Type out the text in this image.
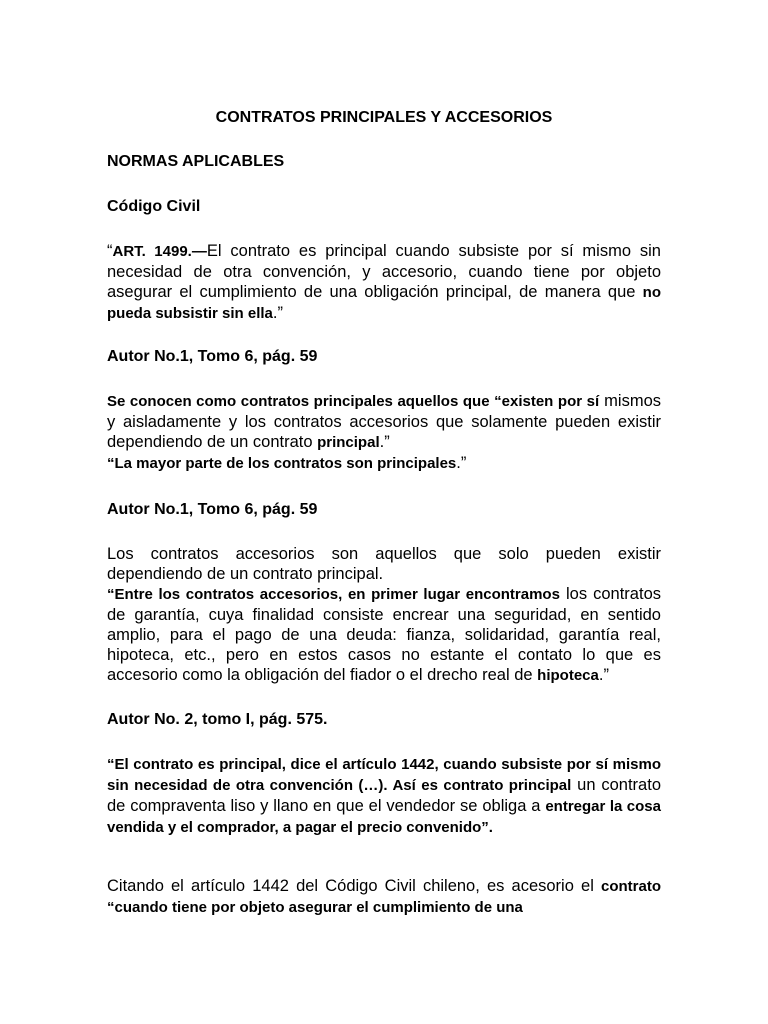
CONTRATOS PRINCIPALES Y ACCESORIOS

NORMAS APLICABLES

Código Civil

“ART. 1499.—El contrato es principal cuando subsiste por sí mismo sin necesidad de otra convención, y accesorio, cuando tiene por objeto asegurar el cumplimiento de una obligación principal, de manera que no pueda subsistir sin ella.”

Autor No.1, Tomo 6, pág. 59

Se conocen como contratos principales aquellos que “existen por sí mismos y aisladamente y los contratos accesorios que solamente pueden existir dependiendo de un contrato principal.”
“La mayor parte de los contratos son principales.”

Autor No.1, Tomo 6, pág. 59

Los contratos accesorios son aquellos que solo pueden existir dependiendo de un contrato principal.
“Entre los contratos accesorios, en primer lugar encontramos los contratos de garantía, cuya finalidad consiste encrear una seguridad, en sentido amplio, para el pago de una deuda: fianza, solidaridad, garantía real, hipoteca, etc., pero en estos casos no estante el contato lo que es accesorio como la obligación del fiador o el drecho real de hipoteca.”

Autor No. 2, tomo I, pág. 575.

“El contrato es principal, dice el artículo 1442, cuando subsiste por sí mismo sin necesidad de otra convención (…). Así es contrato principal un contrato de compraventa liso y llano en que el vendedor se obliga a entregar la cosa vendida y el comprador, a pagar el precio convenido”.

Citando el artículo 1442 del Código Civil chileno, es acesorio el contrato “cuando tiene por objeto asegurar el cumplimiento de una
